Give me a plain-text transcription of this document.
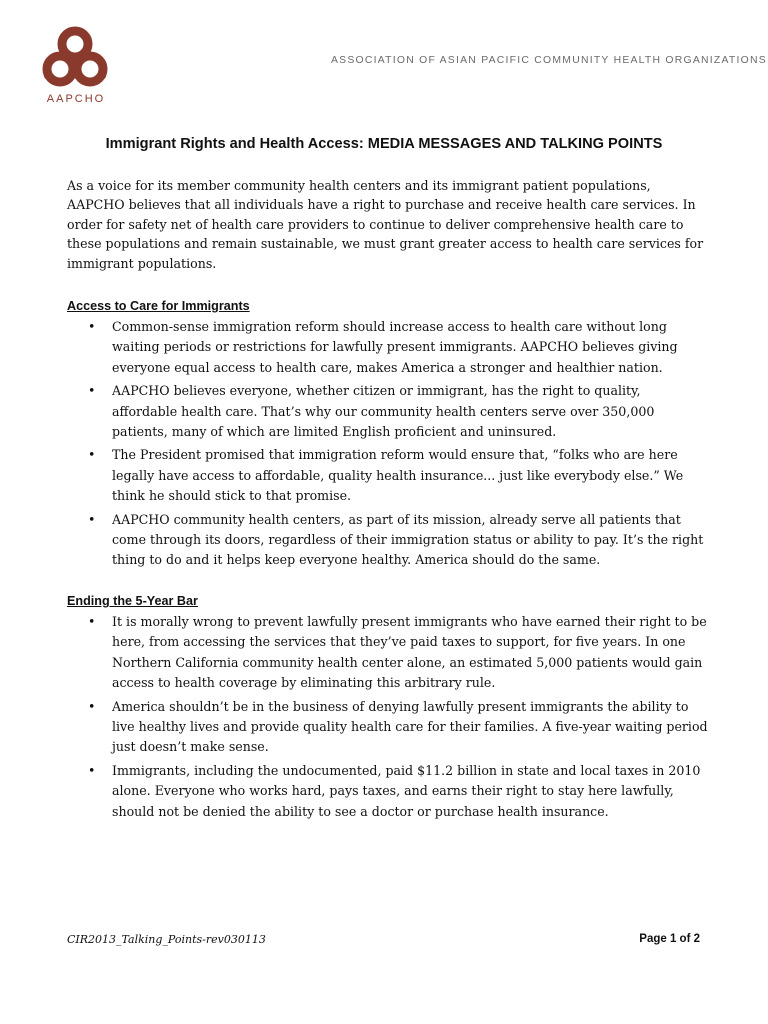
AAPCHO
ASSOCIATION OF ASIAN PACIFIC COMMUNITY HEALTH ORGANIZATIONS
Immigrant Rights and Health Access: MEDIA MESSAGES AND TALKING POINTS

As a voice for its member community health centers and its immigrant patient populations, AAPCHO believes that all individuals have a right to purchase and receive health care services. In order for safety net of health care providers to continue to deliver comprehensive health care to these populations and remain sustainable, we must grant greater access to health care services for immigrant populations.

Access to Care for Immigrants
• Common-sense immigration reform should increase access to health care without long waiting periods or restrictions for lawfully present immigrants. AAPCHO believes giving everyone equal access to health care, makes America a stronger and healthier nation.
• AAPCHO believes everyone, whether citizen or immigrant, has the right to quality, affordable health care. That’s why our community health centers serve over 350,000 patients, many of which are limited English proficient and uninsured.
• The President promised that immigration reform would ensure that, “folks who are here legally have access to affordable, quality health insurance... just like everybody else.” We think he should stick to that promise.
• AAPCHO community health centers, as part of its mission, already serve all patients that come through its doors, regardless of their immigration status or ability to pay. It’s the right thing to do and it helps keep everyone healthy. America should do the same.
Ending the 5-Year Bar
• It is morally wrong to prevent lawfully present immigrants who have earned their right to be here, from accessing the services that they’ve paid taxes to support, for five years. In one Northern California community health center alone, an estimated 5,000 patients would gain access to health coverage by eliminating this arbitrary rule.
• America shouldn’t be in the business of denying lawfully present immigrants the ability to live healthy lives and provide quality health care for their families. A five-year waiting period just doesn’t make sense.
• Immigrants, including the undocumented, paid $11.2 billion in state and local taxes in 2010 alone. Everyone who works hard, pays taxes, and earns their right to stay here lawfully, should not be denied the ability to see a doctor or purchase health insurance.
CIR2013_Talking_Points-rev030113	Page 1 of 2
